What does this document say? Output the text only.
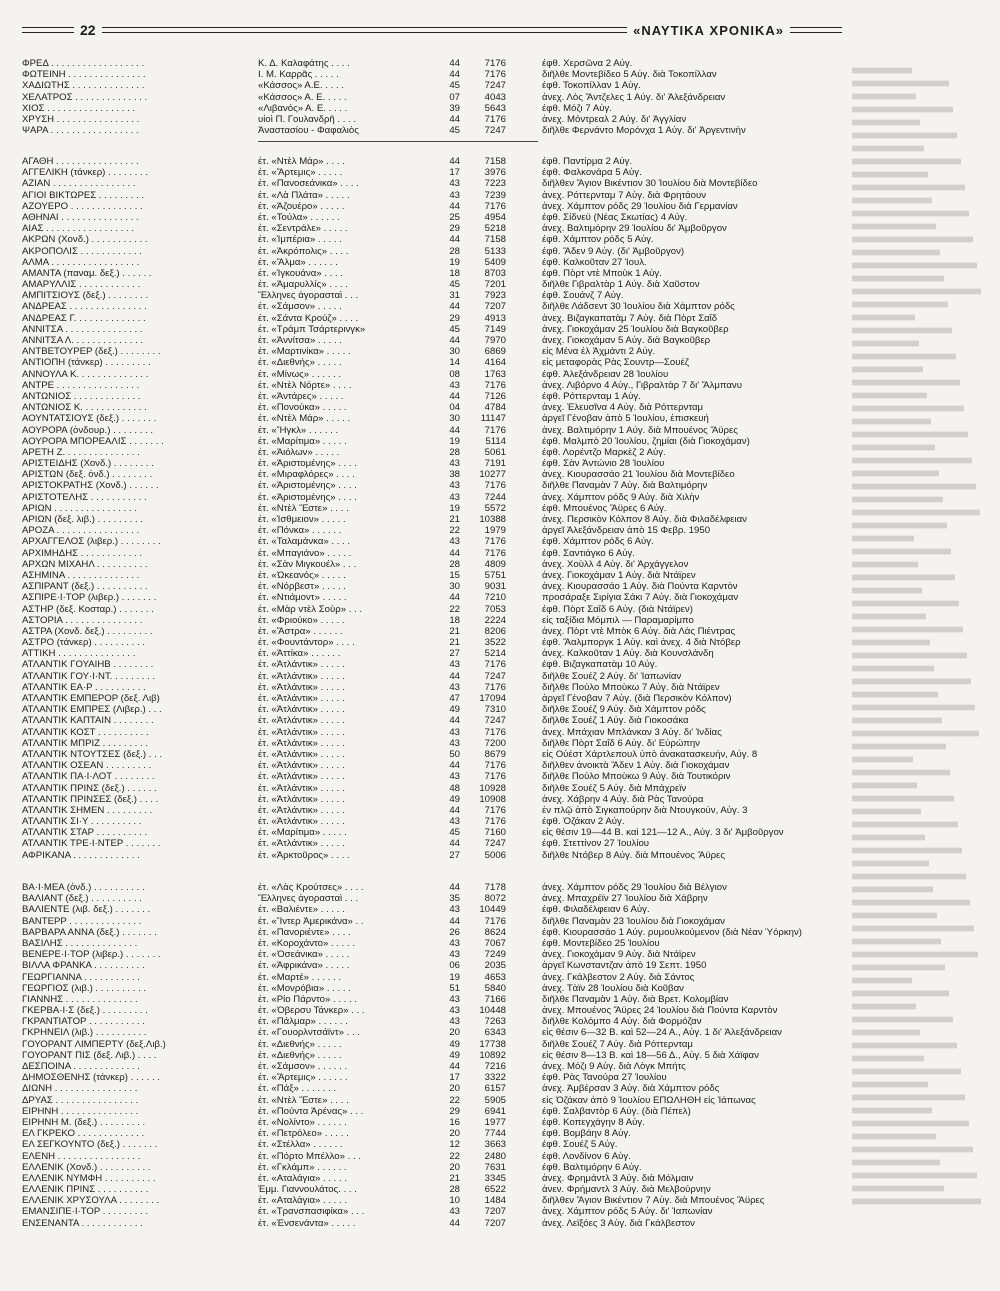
22	«ΝΑΥΤΙΚΑ ΧΡΟΝΙΚΑ»
ΦΡΕΔ . . . . . . . . . . . . . . . . . .	Κ. Δ. Καλαφάτης . . . .	44	7176	έφθ. Χερσῶνα 2 Αὐγ.
ΦΩΤΕΙΝΗ . . . . . . . . . . . . . . .	Ι. Μ. Καρρᾶς . . . . .	44	7176	διῆλθε Μοντεβίδεο 5 Αὐγ. διὰ Τοκοπίλλαν
ΧΑΔΙΩΤΗΣ . . . . . . . . . . . . . .	«Κάσσος» Α.Ε. . . . .	45	7247	έφθ. Τοκοπίλλαν 1 Αὐγ.
ΧΕΛΑΤΡΟΣ . . . . . . . . . . . . . .	«Κάσσος» Α. Ε. . . . .	07	4043	ἀνεχ. Λὸς Ἄντζελες 1 Αὐγ. δι' Ἀλεξάνδρειαν
ΧΙΟΣ . . . . . . . . . . . . . . . . .	«Λιβανός» Α. Ε. . . . .	39	5643	έφθ. Μόζι 7 Αὐγ.
ΧΡΥΣΗ . . . . . . . . . . . . . . . .	υἱοὶ Π. Γουλανδρῆ . . . .	44	7176	ἀνεχ. Μόντρεαλ 2 Αὐγ. δι' Ἀγγλίαν
ΨΑΡΑ . . . . . . . . . . . . . . . . .	Ἀναστασίου - Φαφαλιὸς	45	7247	διῆλθε Φερνάντο Μορόνχα 1 Αὐγ. δι' Ἀργεντινὴν
ΑΓΑΘΗ . . . . . . . . . . . . . . . .	ἐτ. «Ντὲλ Μάρ» . . . .	44	7158	έφθ. Παντίρμα 2 Αὐγ.
ΑΓΓΕΛΙΚΗ (τάνκερ) . . . . . . . .	ἐτ. «Ἄρτεμις» . . . . .	17	3976	έφθ. Φαλκονάρα 5 Αὐγ.
ΑΖΙΑΝ . . . . . . . . . . . . . . . .	ἐτ. «Πανοσεάνικα» . . . .	43	7223	διῆλθεν Ἅγιον Βικέντιον 30 Ἰουλίου διὰ Μοντεβίδεο
ΑΓΙΟΙ ΒΙΚΤΩΡΕΣ . . . . . . . . .	ἐτ. «Λὰ Πλάτα» . . . . .	43	7239	ἀνεχ. Ρόττερνταμ 7 Αὐγ. διὰ Φρητάουν
ΑΖΟΥΕΡΟ . . . . . . . . . . . . . .	ἐτ. «Ἀζουέρο» . . . . .	44	7176	ἀνεχ. Χάμπτον ρόδς 29 Ἰουλίου διὰ Γερμανίαν
ΑΘΗΝΑΙ . . . . . . . . . . . . . . .	ἐτ. «Τούλα» . . . . . .	25	4954	έφθ. Σίδνεϋ (Νέας Σκωτίας) 4 Αὐγ.
ΑΙΑΣ . . . . . . . . . . . . . . . . .	ἐτ. «Σεντράλε» . . . . .	29	5218	ἀνεχ. Βαλτιμόρην 29 Ἰουλίου δι' Ἀμβοῦργον
ΑΚΡΩΝ (Χονδ.) . . . . . . . . . . .	ἐτ. «Ἰμπέρια» . . . . .	44	7158	έφθ. Χάμπτον ρόδς 5 Αὐγ.
ΑΚΡΟΠΟΛΙΣ . . . . . . . . . . . .	ἐτ. «Ἀκρόπολις» . . . .	28	5133	έφθ. Ἄδεν 9 Αὐγ. (δι' Ἀμβοῦργον)
ΑΛΜΑ . . . . . . . . . . . . . . . . .	ἐτ. «Ἄλμα» . . . . . .	19	5409	έφθ. Καλκοῦταν 27 Ἰουλ.
ΑΜΑΝΤΑ (παναμ. δεξ.) . . . . . .	ἐτ. «Ἰγκουάνα» . . . .	18	8703	έφθ. Πὸρτ ντὲ Μποὺκ 1 Αὐγ.
ΑΜΑΡΥΛΛΙΣ . . . . . . . . . . . .	ἐτ. «Ἀμαρυλλίς» . . . .	45	7201	διῆλθε Γιβραλτὰρ 1 Αὐγ. διὰ Χαῦστον
ΑΜΠΙΤΣΙΟΥΣ (δεξ.) . . . . . . . .	Ἕλληνες ἀγορασταὶ . . .	31	7923	έφθ. Σουάνζ 7 Αὐγ.
ΑΝΔΡΕΑΣ . . . . . . . . . . . . . . .	ἐτ. «Σάμσον» . . . . .	44	7207	διῆλθε Λάδσεντ 30 Ἰουλίου διὰ Χάμπτον ρόδς
ΑΝΔΡΕΑΣ Γ. . . . . . . . . . . . . .	ἐτ. «Σάντα Κρούζ» . . . .	29	4913	ἀνεχ. Βιζαγκαπατὰμ 7 Αὐγ. διὰ Πὸρτ Σαΐδ
ΑΝΝΙΤΣΑ . . . . . . . . . . . . . . .	ἐτ. «Τράμπ Τσάρτερινγκ»	45	7149	ἀνεχ. Γιοκοχάμαν 25 Ἰουλίου διὰ Βαγκοῦβερ
ΑΝΝΙΤΣΑ Λ. . . . . . . . . . . . . .	ἐτ. «Ἀννίτσα» . . . . .	44	7970	ἀνεχ. Γιοκοχάμαν 5 Αὐγ. διὰ Βαγκοῦβερ
ΑΝΤΒΕΤΟΥΡΕΡ (δεξ.) . . . . . . . .	ἐτ. «Μαρτινίκα» . . . . .	30	6869	εἰς Μένα ἐλ Ἀχμάντι 2 Αὐγ.
ΑΝΤΙΟΠΗ (τάνκερ) . . . . . . . . .	ἐτ. «Διεθνής» . . . . .	14	4164	εἰς μεταφορὰς Ρὰς Σουντρ—Σουέζ
ΑΝΝΟΥΛΑ Κ. . . . . . . . . . . . . .	ἐτ. «Μίνως» . . . . . .	08	1763	έφθ. Ἀλεξάνδρειαν 28 Ἰουλίου
ΑΝΤΡΕ . . . . . . . . . . . . . . . .	ἐτ. «Ντὲλ Νόρτε» . . . .	43	7176	ἀνεχ. Λιβόρνο 4 Αὐγ., Γιβραλτὰρ 7 δι' Ἄλμπανυ
ΑΝΤΩΝΙΟΣ . . . . . . . . . . . . .	ἐτ. «Ἀντάρες» . . . . .	44	7126	έφθ. Ρόττερνταμ 1 Αὐγ.
ΑΝΤΩΝΙΟΣ Κ. . . . . . . . . . . . .	ἐτ. «Πονούκα» . . . . .	04	4784	ἀνεχ. Ἐλευσῖνα 4 Αὐγ. διὰ Ρόττερνταμ
ΑΟΥΝΤΑΤΣΙΟΥΣ (δεξ.) . . . . . . .	ἐτ. «Ντὲλ Μάρ» . . . . .	30	11147	ἀργεῖ Γένοβαν ἀπὸ 5 Ἰουλίου, ἐπισκευή
ΑΟΥΡΟΡΑ (ὁνδουρ.) . . . . . . . .	ἐτ. «Ἤγκλ» . . . . . .	44	7176	ἀνεχ. Βαλτιμόρην 1 Αὐγ. διὰ Μπουένος Ἄϋρες
ΑΟΥΡΟΡΑ ΜΠΟΡΕΑΛΙΣ . . . . . . .	ἐτ. «Μαρίτιμα» . . . . .	19	5114	έφθ. Μαλμπὸ 20 Ἰουλίου, ζημίαι (διὰ Γιοκοχάμαν)
ΑΡΕΤΗ Ζ. . . . . . . . . . . . . . .	ἐτ. «Ἀιόλων» . . . . .	28	5061	έφθ. Λορέντζο Μαρκὲζ 2 Αὐγ.
ΑΡΙΣΤΕΙΔΗΣ (Χονδ.) . . . . . . . .	ἐτ. «Ἀριστομένης» . . . .	43	7191	έφθ. Σὰν Ἀντώνιο 28 Ἰουλίου
ΑΡΙΣΤΩΝ (δεξ. ὀνδ.) . . . . . . . .	ἐτ. «Μιραφλόρες» . . . .	38	10277	ἀνεχ. Κιουρασσάο 21 Ἰουλίου διὰ Μοντεβίδεο
ΑΡΙΣΤΟΚΡΑΤΗΣ (Χονδ.) . . . . . .	ἐτ. «Ἀριστομένης» . . . .	43	7176	διῆλθε Παναμὰν 7 Αὐγ. διὰ Βαλτιμόρην
ΑΡΙΣΤΟΤΕΛΗΣ . . . . . . . . . . .	ἐτ. «Ἀριστομένης» . . . .	43	7244	ἀνεχ. Χάμπτον ρόδς 9 Αὐγ. διὰ Χιλὴν
ΑΡΙΩΝ . . . . . . . . . . . . . . . .	ἐτ. «Ντὲλ Ἔστε» . . . .	19	5572	έφθ. Μπουένος Ἄϋρες 6 Αὐγ.
ΑΡΙΩΝ (δεξ. λιβ.) . . . . . . . . .	ἐτ. «Ἰσθμειον» . . . . .	21	10388	ἀνεχ. Περσικὸν Κόλπον 8 Αὐγ. διὰ Φιλαδέλφειαν
ΑΡΟΖΑ . . . . . . . . . . . . . . . .	ἐτ. «Πόνκα» . . . . . .	22	1979	ἀργεῖ Ἀλεξάνδρειαν ἀπὸ 15 Φεβρ. 1950
ΑΡΧΑΓΓΕΛΟΣ (λιβερ.) . . . . . . . .	ἐτ. «Ταλαμάνκα» . . . .	43	7176	έφθ. Χάμπτον ρόδς 6 Αὐγ.
ΑΡΧΙΜΗΔΗΣ . . . . . . . . . . . .	ἐτ. «Μπαγιάνο» . . . . .	44	7176	έφθ. Σαντιάγκο 6 Αὐγ.
ΑΡΧΩΝ ΜΙΧΑΗΛ . . . . . . . . . .	ἐτ. «Σὰν Μιγκουέλ» . . .	28	4809	ἀνεχ. Χοὺλλ 4 Αὐγ. δι' Ἀρχάγγελον
ΑΣΗΜΙΝΑ . . . . . . . . . . . . . .	ἐτ. «Ὠκεανός» . . . . .	15	5751	ἀνεχ. Γιοκοχάμαν 1 Αὐγ. διὰ Ντάϊρεν
ΑΣΠΙΡΑΝΤ (δεξ.) . . . . . . . . . .	ἐτ. «Νόρβεστ» . . . . .	30	9031	ἀνεχ. Κιουρασσάο 1 Αὐγ. διὰ Πούντα Καρντὸν
ΑΣΠΙΡΕ·Ι·ΤΟΡ (λιβερ.) . . . . . . .	ἐτ. «Ντιάμοντ» . . . . .	44	7210	προσάραξε Σιρίγια Σάκι 7 Αὐγ. διὰ Γιοκοχάμαν
ΑΣΤΗΡ (δεξ. Κοσταρ.) . . . . . . .	ἐτ. «Μὰρ ντὲλ Σοὺρ» . . .	22	7053	έφθ. Πὸρτ Σαΐδ 6 Αὐγ. (διὰ Ντάϊρεν)
ΑΣΤΟΡΙΑ . . . . . . . . . . . . . . .	ἐτ. «Φριούκο» . . . . .	18	2224	εἰς ταξίδια Μόμπιλ — Παραμαρίμπο
ΑΣΤΡΑ (Χονδ. δεξ.) . . . . . . . . .	ἐτ. «Ἄστρα» . . . . . .	21	8206	ἀνεχ. Πὸρτ ντὲ Μπὸκ 6 Αὐγ. διὰ Λὰς Πιέντρας
ΑΣΤΡΟ (τάνκερ) . . . . . . . . . .	ἐτ. «Φουντάντορ» . . . .	21	3522	έφθ. Ἄαλμποργκ 1 Αὐγ. καὶ ἀνεχ. 4 διὰ Ντόβερ
ΑΤΤΙΚΗ . . . . . . . . . . . . . . .	ἐτ. «Ἀττίκα» . . . . . .	27	5214	ἀνεχ. Καλκοῦταν 1 Αὐγ. διὰ Κουνσλάνδη
ΑΤΛΑΝΤΙΚ ΓΟΥΑΙΗΒ . . . . . . . .	ἐτ. «Ἀτλάντικ» . . . . .	43	7176	έφθ. Βιζαγκαπατὰμ 10 Αὐγ.
ΑΤΛΑΝΤΙΚ ΓΟΥ·Ι·ΝΤ. . . . . . . . .	ἐτ. «Ἀτλάντικ» . . . . .	44	7247	διῆλθε Σουέζ 2 Αὐγ. δι' Ἰαπωνίαν
ΑΤΛΑΝΤΙΚ ΕΑ·Ρ . . . . . . . . . .	ἐτ. «Ἀτλάντικ» . . . . .	43	7176	διῆλθε Πούλο Μποὺκω 7 Αὐγ. διὰ Ντάϊρεν
ΑΤΛΑΝΤΙΚ ΕΜΠΕΡΟΡ (δεξ. Λιβ)	ἐτ. «Ἀτλάντικ» . . . . .	47	17094	ἀργεῖ Γένοβαν 7 Αὐγ. (διὰ Περσικὸν Κόλπον)
ΑΤΛΑΝΤΙΚ ΕΜΠΡΕΣ (Λιβερ.) . . .	ἐτ. «Ἀτλάντικ» . . . . .	49	7310	διῆλθε Σουέζ 9 Αὐγ. διὰ Χάμπτον ρόδς
ΑΤΛΑΝΤΙΚ ΚΑΠΤΑΙΝ . . . . . . . .	ἐτ. «Ἀτλάντικ» . . . . .	44	7247	διῆλθε Σουέζ 1 Αὐγ. διὰ Γιοκοσάκα
ΑΤΛΑΝΤΙΚ ΚΟΣΤ . . . . . . . . . .	ἐτ. «Ἀτλάντικ» . . . . .	43	7176	ἀνεχ. Μπάχιαν Μπλάνκαν 3 Αὐγ. δι' Ἰνδίας
ΑΤΛΑΝΤΙΚ ΜΠΡΙΖ . . . . . . . . .	ἐτ. «Ἀτλάντικ» . . . . .	43	7200	διῆλθε Πὸρτ Σαΐδ 6 Αὐγ. δι' Εὐρώπην
ΑΤΛΑΝΤΙΚ ΝΤΟΥΤΣΕΣ (δεξ.) . . .	ἐτ. «Ἀτλάντικ» . . . . .	50	8679	εἰς Οὐέστ Χάρτλεπουλ ὑπὸ ἀνακατασκευήν, Αὐγ. 8
ΑΤΛΑΝΤΙΚ ΟΣΕΑΝ . . . . . . . . .	ἐτ. «Ἀτλάντικ» . . . . .	44	7176	διῆλθεν ἀνοικτὰ Ἄδεν 1 Αὐγ. διὰ Γιοκοχάμαν
ΑΤΛΑΝΤΙΚ ΠΑ·Ι·ΛΟΤ . . . . . . . .	ἐτ. «Ἀτλάντικ» . . . . .	43	7176	διῆλθε Πούλο Μποὺκω 9 Αὐγ. διὰ Τουτικόριν
ΑΤΛΑΝΤΙΚ ΠΡΙΝΣ (δεξ.) . . . . . .	ἐτ. «Ἀτλάντικ» . . . . .	48	10928	διῆλθε Σουέζ 5 Αὐγ. διὰ Μπάχρεϊν
ΑΤΛΑΝΤΙΚ ΠΡΙΝΣΕΣ (δεξ.) . . . .	ἐτ. «Ἀτλάντικ» . . . . .	49	10908	ἀνεχ. Χάβρην 4 Αὐγ. διὰ Ρὰς Τανούρα
ΑΤΛΑΝΤΙΚ ΣΗΜΕΝ . . . . . . . . .	ἐτ. «Ἀτλάντικ» . . . . .	44	7176	ἐν πλῷ ἀπὸ Σιγκαπούρην διὰ Ντουγκούν, Αὐγ. 3
ΑΤΛΑΝΤΙΚ ΣΙ·Υ . . . . . . . . . .	ἐτ. «Ἀτλάντικ» . . . . .	43	7176	έφθ. Ὀζάκαν 2 Αὐγ.
ΑΤΛΑΝΤΙΚ ΣΤΑΡ . . . . . . . . . .	ἐτ. «Μαρίτιμα» . . . . .	45	7160	εἰς θέσιν 19—44 Β. καὶ 121—12 Α., Αὐγ. 3 δι' Ἀμβοῦργον
ΑΤΛΑΝΤΙΚ ΤΡΕ·Ι·ΝΤΕΡ . . . . . . .	ἐτ. «Ἀτλάντικ» . . . . .	44	7247	έφθ. Στεττίνον 27 Ἰουλίου
ΑΦΡΙΚΑΝΑ . . . . . . . . . . . . .	ἐτ. «Ἀρκτοῦρος» . . . .	27	5006	διῆλθε Ντόβερ 8 Αὐγ. διὰ Μπουένος Ἄϋρες
ΒΑ·Ι·ΜΕΑ (ὀνδ.) . . . . . . . . . .	ἐτ. «Λὰς Κρούτσες» . . . .	44	7178	ἀνεχ. Χάμπτον ρόδς 29 Ἰουλίου διὰ Βέλγιον
ΒΑΛΙΑΝΤ (δεξ.) . . . . . . . . . .	Ἕλληνες ἀγορασταὶ . . .	35	8072	ἀνεχ. Μπαχρέϊν 27 Ἰουλίου διὰ Χάβρην
ΒΑΛΙΕΝΤΕ (λιβ. δεξ.) . . . . . . .	ἐτ. «Βαλιέντε» . . . . .	43	10449	έφθ. Φιλαδέλφειαν 6 Αὐγ.
ΒΑΝΤΕΡΡ . . . . . . . . . . . . . .	ἐτ. «Ἴντερ Ἀμερικάνα» . .	44	7176	διῆλθε Παναμὰν 23 Ἰουλίου διὰ Γιοκοχάμαν
ΒΑΡΒΑΡΑ ΑΝΝΑ (δεξ.) . . . . . . .	ἐτ. «Πανοριέντε» . . . .	26	8624	έφθ. Κιουρασσάο 1 Αὐγ. ρυμουλκούμενον (διὰ Νέαν Ὑόρκην)
ΒΑΣΙΛΗΣ . . . . . . . . . . . . . .	ἐτ. «Κοροχάντο» . . . . .	43	7067	έφθ. Μοντεβίδεο 25 Ἰουλίου
ΒΕΝΕΡΕ·Ι·ΤΟΡ (λιβερ.) . . . . . . .	ἐτ. «Ὀσεάνικα» . . . . .	43	7249	ἀνεχ. Γιοκοχάμαν 9 Αὐγ. διὰ Ντάϊρεν
ΒΙΛΛΑ ΦΡΑΝΚΑ . . . . . . . . . .	ἐτ. «Ἀφρικάνα» . . . . .	06	2035	ἀργεῖ Κωνσταντζαν ἀπὸ 19 Σεπτ. 1950
ΓΕΩΡΓΙΑΝΝΑ . . . . . . . . . . .	ἐτ. «Μαρτέ» . . . . . .	19	4653	ἀνεχ. Γκάλβεστον 2 Αὐγ. διὰ Σάντος
ΓΕΩΡΓΙΟΣ (λιβ.) . . . . . . . . . .	ἐτ. «Μονρόβια» . . . . .	51	5840	ἀνεχ. Τὰϊν 28 Ἰουλίου διὰ Κοῦβαν
ΓΙΑΝΝΗΣ . . . . . . . . . . . . . .	ἐτ. «Ρίο Πάρντο» . . . . .	43	7166	διῆλθε Παναμὰν 1 Αὐγ. διὰ Βρετ. Κολομβίαν
ΓΚΕΡΒΑ·Ι·Σ (δεξ.) . . . . . . . . .	ἐτ. «Ὁβερσυ Τάνκερ» . . .	43	10448	ἀνεχ. Μπουένος Ἄϋρες 24 Ἰουλίου διὰ Πούντα Καρντὸν
ΓΚΡΑΝΤΙΑΤΟΡ . . . . . . . . . . .	ἐτ. «Πάλμαρ» . . . . . .	43	7263	διῆλθε Κολόμπο 4 Αὐγ. διὰ Φορμόζαν
ΓΚΡΗΝΕΙΛ (λιβ.) . . . . . . . . . .	ἐτ. «Γουορλντσάϊντ» . . .	20	6343	εἰς θέσιν 6—32 Β. καὶ 52—24 Α., Αὐγ. 1 δι' Ἀλεξάνδρειαν
ΓΟΥΟΡΑΝΤ ΛΙΜΠΕΡΤΥ (δεξ.Λιβ.)	ἐτ. «Διεθνής» . . . . .	49	17738	διῆλθε Σουέζ 7 Αὐγ. διὰ Ρόττερνταμ
ΓΟΥΟΡΑΝΤ ΠΙΣ (δεξ. Λιβ.) . . . .	ἐτ. «Διεθνής» . . . . .	49	10892	εἰς θέσιν 8—13 Β. καὶ 18—56 Δ., Αὐγ. 5 διὰ Χάϊφαν
ΔΕΣΠΟΙΝΑ . . . . . . . . . . . . .	ἐτ. «Σάμσον» . . . . . .	44	7216	ἀνεχ. Μόζι 9 Αὐγ. διὰ Λὸγκ Μπήτς
ΔΗΜΟΣΘΕΝΗΣ (τάνκερ) . . . . . .	ἐτ. «Ἄρτεμις» . . . . . .	17	3322	έφθ. Ρὰς Τανούρα 27 Ἰουλίου
ΔΙΩΝΗ . . . . . . . . . . . . . . . .	ἐτ. «Πάξ» . . . . . . .	20	6157	ἀνεχ. Ἀμβέρσαν 3 Αὐγ. διὰ Χάμπτον ρόδς
ΔΡΥΑΣ . . . . . . . . . . . . . . . .	ἐτ. «Ντὲλ Ἔστε» . . . .	22	5905	εἰς Ὀζάκαν ἀπὸ 9 Ἰουλίου ΕΠΩΛΗΘΗ εἰς Ἰάπωνας
ΕΙΡΗΝΗ . . . . . . . . . . . . . . .	ἐτ. «Πούντα Ἀρένας» . . .	29	6941	έφθ. Σαλβαντὸρ 6 Αὐγ. (διὰ Πέπελ)
ΕΙΡΗΝΗ Μ. (δεξ.) . . . . . . . . .	ἐτ. «Νολίντο» . . . . . .	16	1977	έφθ. Κοπεγχάγην 8 Αὐγ.
ΕΛ ΓΚΡΕΚΟ . . . . . . . . . . . . .	ἐτ. «Πετρόλεο» . . . . .	20	7744	έφθ. Βομβάην 8 Αὐγ.
ΕΛ ΣΕΓΚΟΥΝΤΟ (δεξ.) . . . . . . .	ἐτ. «Στέλλα» . . . . . .	12	3663	έφθ. Σουέζ 5 Αὐγ.
ΕΛΕΝΗ . . . . . . . . . . . . . . . .	ἐτ. «Πόρτο Μπέλλο» . . .	22	2480	έφθ. Λονδίνον 6 Αὐγ.
ΕΛΛΕΝΙΚ (Χονδ.) . . . . . . . . . .	ἐτ. «Γκλάμπ» . . . . . .	20	7631	έφθ. Βαλτιμόρην 6 Αὐγ.
ΕΛΛΕΝΙΚ ΝΥΜΦΗ . . . . . . . . . .	ἐτ. «Αταλάγια» . . . . .	21	3345	ἀνεχ. Φρημάντλ 3 Αὐγ. διὰ Μόλμαιν
ΕΛΛΕΝΙΚ ΠΡΙΝΣ . . . . . . . . . .	Ἐμμ. Γιαννουλάτος. . . .	28	6522	ἀνεν. Φρήμαντλ 3 Αὐγ. διὰ Μελβούρνην
ΕΛΛΕΝΙΚ ΧΡΥΣΟΥΛΑ . . . . . . . .	ἐτ. «Αταλάγια» . . . . .	10	1484	διῆλθεν Ἅγιον Βικέντιον 7 Αὐγ. διὰ Μπουένος Ἄϋρες
ΕΜΑΝΣΙΠΕ·Ι·ΤΟΡ . . . . . . . . .	ἐτ. «Τρανσπασιφίκα» . . .	43	7207	ἀνεχ. Χάμπτον ρόδς 5 Αὐγ. δι' Ἰαπωνίαν
ΕΝΣΕΝΑΝΤΑ . . . . . . . . . . . .	ἐτ. «Ἐνσενάντα» . . . . .	44	7207	ἀνεχ. Λεϊξόες 3 Αὐγ. διὰ Γκάλβεστον
